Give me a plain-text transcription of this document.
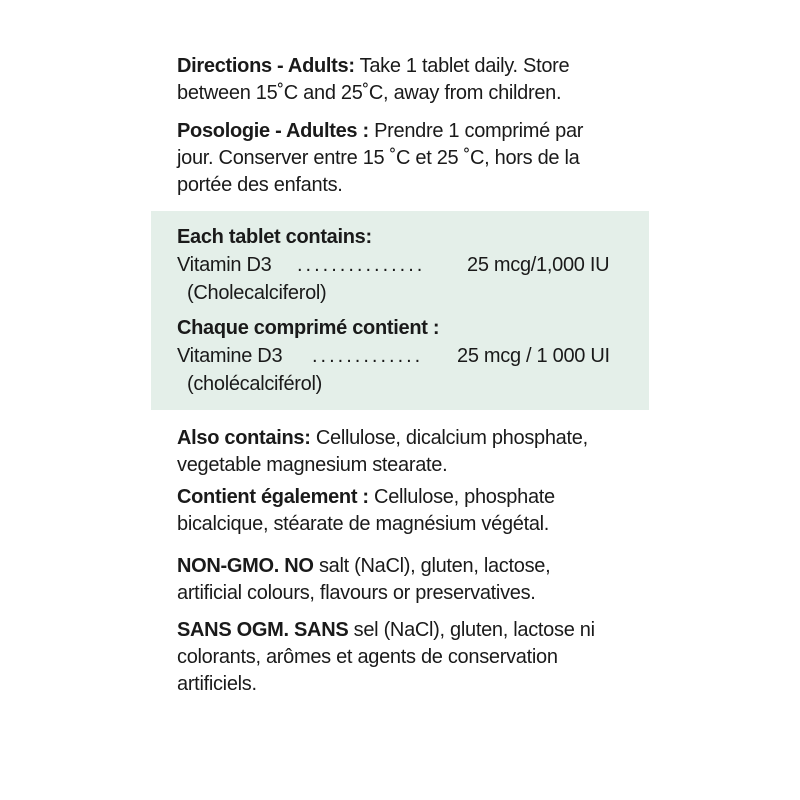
Directions - Adults: Take 1 tablet daily. Store between 15˚C and 25˚C, away from children.

Posologie - Adultes : Prendre 1 comprimé par jour. Conserver entre 15 ˚C et 25 ˚C, hors de la portée des enfants.

Each tablet contains:
Vitamin D3 ............... 25 mcg/1,000 IU
(Cholecalciferol)
Chaque comprimé contient :
Vitamine D3 ............. 25 mcg / 1 000 UI
(cholécalciférol)

Also contains: Cellulose, dicalcium phosphate, vegetable magnesium stearate.

Contient également : Cellulose, phosphate bicalcique, stéarate de magnésium végétal.

NON-GMO. NO salt (NaCl), gluten, lactose, artificial colours, flavours or preservatives.

SANS OGM. SANS sel (NaCl), gluten, lactose ni colorants, arômes et agents de conservation artificiels.
